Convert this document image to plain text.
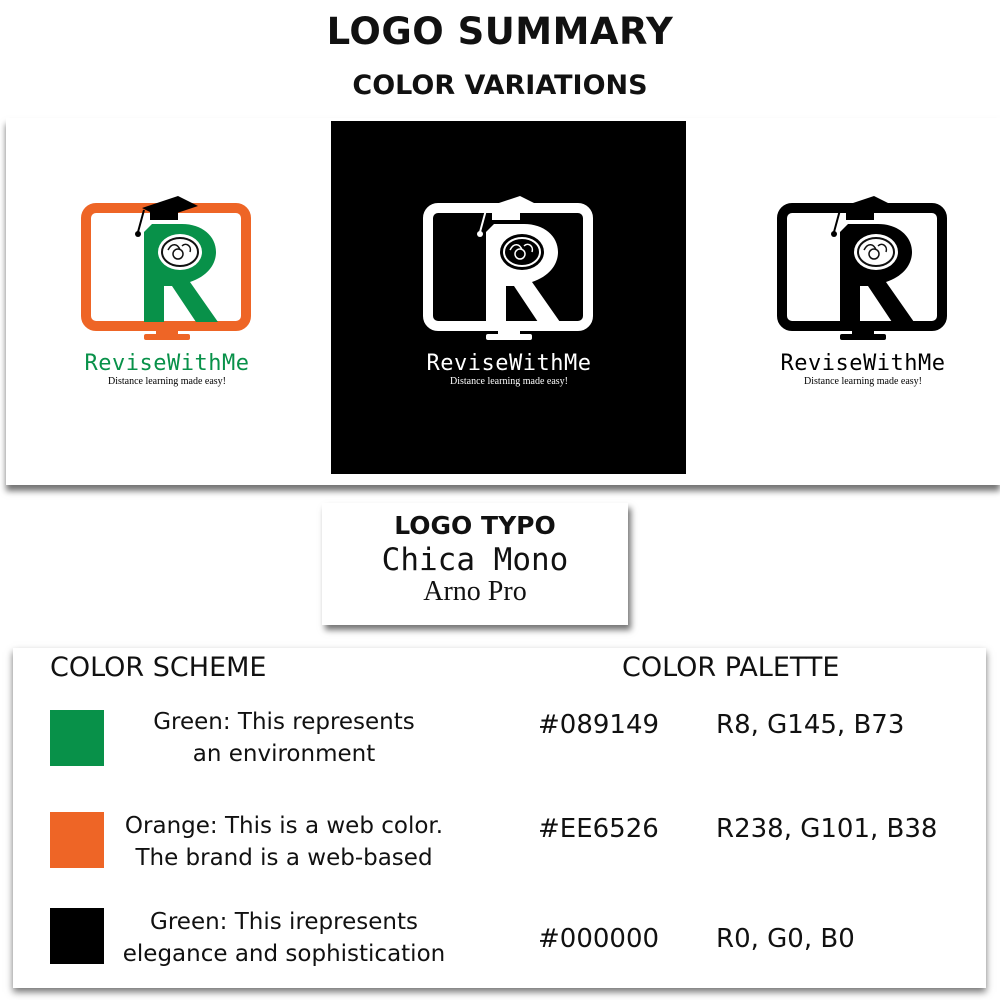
LOGO SUMMARY
COLOR VARIATIONS
ReviseWithMe
Distance learning made easy!
ReviseWithMe
Distance learning made easy!
ReviseWithMe
Distance learning made easy!
LOGO TYPO
Chica Mono
Arno Pro
COLOR SCHEME	COLOR PALETTE
Green: This represents
an environment
#089149 R8, G145, B73
Orange: This is a web color.
The brand is a web-based
#EE6526 R238, G101, B38
Green: This irepresents
elegance and sophistication	#000000 R0, G0, B0
